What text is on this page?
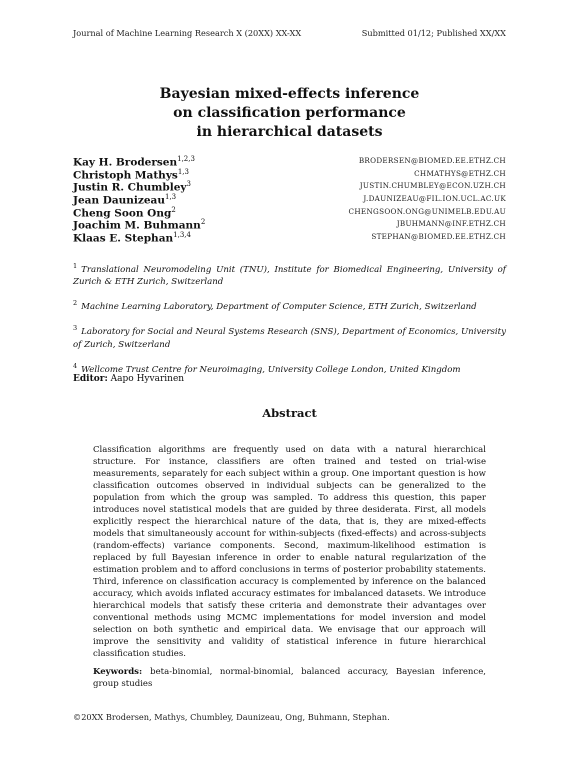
Journal of Machine Learning Research X (20XX) XX-XX	Submitted 01/12; Published XX/XX
Bayesian mixed-effects inference
on classification performance
in hierarchical datasets
Kay H. Brodersen$^{1,2,3}$	BRODERSEN@BIOMED.EE.ETHZ.CH
Christoph Mathys$^{1,3}$	CHMATHYS@ETHZ.CH
Justin R. Chumbley$^3$	JUSTIN.CHUMBLEY@ECON.UZH.CH
Jean Daunizeau$^{1,3}$	J.DAUNIZEAU@FIL.ION.UCL.AC.UK
Cheng Soon Ong$^2$	CHENGSOON.ONG@UNIMELB.EDU.AU
Joachim M. Buhmann$^2$	JBUHMANN@INF.ETHZ.CH
Klaas E. Stephan$^{1,3,4}$	STEPHAN@BIOMED.EE.ETHZ.CH
$^1$ Translational Neuromodeling Unit (TNU), Institute for Biomedical Engineering, University of Zurich & ETH Zurich, Switzerland
$^2$ Machine Learning Laboratory, Department of Computer Science, ETH Zurich, Switzerland
$^3$ Laboratory for Social and Neural Systems Research (SNS), Department of Economics, University of Zurich, Switzerland
$^4$ Wellcome Trust Centre for Neuroimaging, University College London, United Kingdom
Editor: Aapo Hyvarinen
Abstract
Classification algorithms are frequently used on data with a natural hierarchical structure. For instance, classifiers are often trained and tested on trial-wise measurements, separately for each subject within a group. One important question is how classification outcomes observed in individual subjects can be generalized to the population from which the group was sampled. To address this question, this paper introduces novel statistical models that are guided by three desiderata. First, all models explicitly respect the hierarchical nature of the data, that is, they are mixed-effects models that simultaneously account for within-subjects (fixed-effects) and across-subjects (random-effects) variance components. Second, maximum-likelihood estimation is replaced by full Bayesian inference in order to enable natural regularization of the estimation problem and to afford conclusions in terms of posterior probability statements. Third, inference on classification accuracy is complemented by inference on the balanced accuracy, which avoids inflated accuracy estimates for imbalanced datasets. We introduce hierarchical models that satisfy these criteria and demonstrate their advantages over conventional methods using MCMC implementations for model inversion and model selection on both synthetic and empirical data. We envisage that our approach will improve the sensitivity and validity of statistical inference in future hierarchical classification studies.
Keywords: beta-binomial, normal-binomial, balanced accuracy, Bayesian inference, group studies
©20XX Brodersen, Mathys, Chumbley, Daunizeau, Ong, Buhmann, Stephan.
